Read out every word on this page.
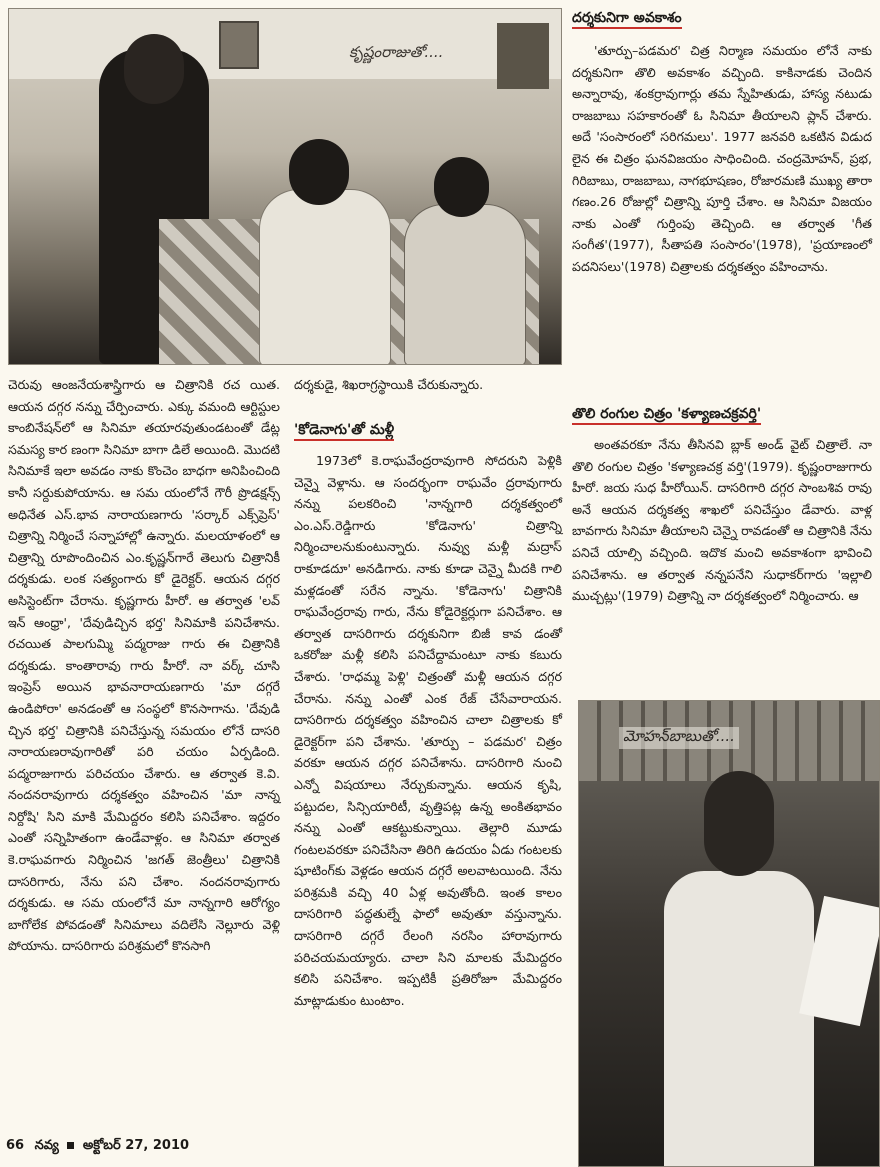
కృష్ణంరాజుతో....
దర్శకునిగా అవకాశం

'తూర్పు–పడమర' చిత్ర నిర్మాణ సమయం లోనే నాకు దర్శకునిగా తొలి అవకాశం వచ్చింది. కాకినాడకు చెందిన అన్నారావు, శంకర్రావుగార్లు తమ స్నేహితుడు, హాస్య నటుడు రాజబాబు సహకారంతో ఓ సినిమా తీయాలని ప్లాన్ చేశారు. అదే 'సంసారంలో సరిగమలు'. 1977 జనవరి ఒకటిన విడుద లైన ఈ చిత్రం ఘనవిజయం సాధించింది. చంద్రమోహన్, ప్రభ, గిరిబాబు, రాజబాబు, నాగభూషణం, రోజారమణి ముఖ్య తారా గణం.26 రోజుల్లో చిత్రాన్ని పూర్తి చేశాం. ఆ సినిమా విజయం నాకు ఎంతో గుర్తింపు తెచ్చింది. ఆ తర్వాత 'గీత సంగీత'(1977), సీతాపతి సంసారం'(1978), 'ప్రయాణంలో పదనిసలు'(1978) చిత్రాలకు దర్శకత్వం వహించాను.

తొలి రంగుల చిత్రం 'కళ్యాణచక్రవర్తి'

అంతవరకూ నేను తీసినవి బ్లాక్ అండ్ వైట్ చిత్రాలే. నా తొలి రంగుల చిత్రం 'కళ్యాణచక్ర వర్తి'(1979). కృష్ణంరాజుగారు హీరో. జయ సుధ హీరోయిన్. దాసరిగారి దగ్గర సాంబశివ రావు అనే ఆయన దర్శకత్వ శాఖలో పనిచేస్తుం డేవారు. వాళ్ల బావగారు సినిమా తీయాలని చెన్నై రావడంతో ఆ చిత్రానికి నేను పనిచే యాల్సి వచ్చింది. ఇదొక మంచి అవకాశంగా భావించి పనిచేశాను. ఆ తర్వాత నన్నపనేని సుధాకర్‌గారు 'ఇల్లాలి ముచ్చట్లు'(1979) చిత్రాన్ని నా దర్శకత్వంలో నిర్మించారు. ఆ

మోహన్‌బాబుతో....

చెరువు ఆంజనేయశాస్త్రిగారు ఆ చిత్రానికి రచ యిత. ఆయన దగ్గర నన్ను చేర్పించారు. ఎక్కు వమంది ఆర్టిస్టుల కాంబినేషన్‌లో ఆ సినిమా తయారవుతుండటంతో డేట్ల సమస్య కార ణంగా సినిమా బాగా డిలే అయింది. మొదటి సినిమాకే ఇలా అవడం నాకు కొంచెం బాధగా అనిపించింది కానీ సర్దుకుపోయాను. ఆ సమ యంలోనే గౌరీ ప్రొడక్షన్స్ అధినేత ఎస్.భావ నారాయణగారు 'సర్కార్ ఎక్స్‌ప్రెస్' చిత్రాన్ని నిర్మించే సన్నాహాల్లో ఉన్నారు. మలయాళంలో ఆ చిత్రాన్ని రూపొందించిన ఎం.కృష్ణన్‌గారే తెలుగు చిత్రానికీ దర్శకుడు. లంక సత్యంగారు కో డైరెక్టర్. ఆయన దగ్గర అసిస్టెంట్‌గా చేరాను. కృష్ణగారు హీరో. ఆ తర్వాత 'లవ్ ఇన్ ఆంధ్రా', 'దేవుడిచ్చిన భర్త' సినిమాకి పనిచేశాను. రచయిత పాలగుమ్మి పద్మరాజు గారు ఈ చిత్రానికి దర్శకుడు. కాంతారావు గారు హీరో. నా వర్క్ చూసి ఇంప్రెస్ అయిన భావనారాయణగారు 'మా దగ్గరే ఉండిపోరా' అనడంతో ఆ సంస్థలో కొనసాగాను. 'దేవుడి చ్చిన భర్త' చిత్రానికి పనిచేస్తున్న సమయం లోనే దాసరి నారాయణరావుగారితో పరి చయం ఏర్పడింది. పద్మరాజుగారు పరిచయం చేశారు. ఆ తర్వాత కె.వి. నందనరావుగారు దర్శకత్వం వహించిన 'మా నాన్న నిర్దోషి' సిని మాకి మేమిద్దరం కలిసి పనిచేశాం. ఇద్దరం ఎంతో సన్నిహితంగా ఉండేవాళ్లం. ఆ సినిమా తర్వాత కె.రాఘవగారు నిర్మించిన 'జగత్ జెంత్రీలు' చిత్రానికి దాసరిగారు, నేను పని చేశాం. నందనరావుగారు దర్శకుడు. ఆ సమ యంలోనే మా నాన్నగారి ఆరోగ్యం బాగోలేక పోవడంతో సినిమాలు వదిలేసి నెల్లూరు వెళ్లి పోయాను. దాసరిగారు పరిశ్రమలో కొనసాగి

దర్శకుడై, శిఖరాగ్రస్థాయికి చేరుకున్నారు.

'కోడెనాగు'తో మళ్లీ

1973లో కె.రాఘవేంద్రరావుగారి సోదరుని పెళ్లికి చెన్నై వెళ్లాను. ఆ సందర్భంగా రాఘవేం ద్రరావుగారు నన్ను పలకరించి 'నాన్నగారి దర్శకత్వంలో ఎం.ఎస్.రెడ్డిగారు 'కోడెనాగు' చిత్రాన్ని నిర్మించాలనుకుంటున్నారు. నువ్వు మళ్లీ మద్రాస్ రాకూడదూ' అనడిగారు. నాకు కూడా చెన్నై మీదకి గాలి మళ్లడంతో సరేన న్నాను. 'కోడెనాగు' చిత్రానికి రాఘవేంద్రరావు గారు, నేను కోడైరెక్టర్లుగా పనిచేశాం. ఆ తర్వాత దాసరిగారు దర్శకునిగా బిజీ కావ డంతో ఒకరోజు మళ్లీ కలిసి పనిచేద్దామంటూ నాకు కబురు చేశారు. 'రాధమ్మ పెళ్లి' చిత్రంతో మళ్లీ ఆయన దగ్గర చేరాను. నన్ను ఎంతో ఎంక రేజ్ చేసేవారాయన. దాసరిగారు దర్శకత్వం వహించిన చాలా చిత్రాలకు కో డైరెక్టర్‌గా పని చేశాను. 'తూర్పు – పడమర' చిత్రం వరకూ ఆయన దగ్గర పనిచేశాను. దాసరిగారి నుంచి ఎన్నో విషయాలు నేర్చుకున్నాను. ఆయన కృషి, పట్టుదల, సిన్సియారిటీ, వృత్తిపట్ల ఉన్న అంకితభావం నన్ను ఎంతో ఆకట్టుకున్నాయి. తెల్లారి మూడు గంటలవరకూ పనిచేసినా తిరిగి ఉదయం ఏడు గంటలకు షూటింగ్‌కు వెళ్లడం ఆయన దగ్గరే అలవాటయింది. నేను పరిశ్రమకి వచ్చి 40 ఏళ్ల అవుతోంది. ఇంత కాలం దాసరిగారి పద్ధతుల్నే ఫాలో అవుతూ వస్తున్నాను. దాసరిగారి దగ్గరే రేలంగి నరసిం హారావుగారు పరిచయమయ్యారు. చాలా సిని మాలకు మేమిద్దరం కలిసి పనిచేశాం. ఇప్పటికీ ప్రతిరోజూ మేమిద్దరం మాట్లాడుకుం టుంటాం.

66 నవ్య అక్టోబర్ 27, 2010
